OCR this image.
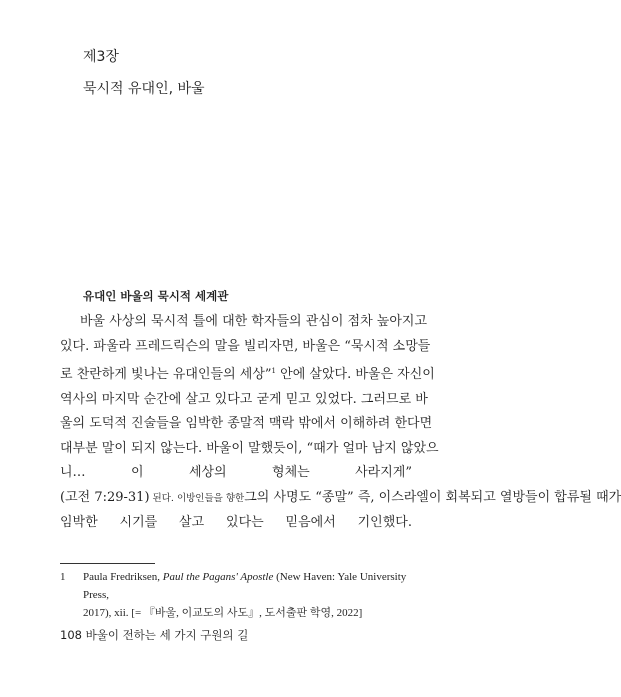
제3장
묵시적 유대인, 바울
유대인 바울의 묵시적 세계관
바울 사상의 묵시적 틀에 대한 학자들의 관심이 점차 높아지고
있다. 파울라 프레드릭슨의 말을 빌리자면, 바울은 “묵시적 소망들
로 찬란하게 빛나는 유대인들의 세상”$^1$ 안에 살았다. 바울은 자신이
역사의 마지막 순간에 살고 있다고 굳게 믿고 있었다. 그러므로 바
울의 도덕적 진술들을 임박한 종말적 맥락 밖에서 이해하려 한다면
대부분 말이 되지 않는다. 바울이 말했듯이, “때가 얼마 남지 않았으
니… 이 세상의 형체는 사라지게”
(고전 7:29-31) 된다. 이방인들을 향한그의 사명도 “종말” 즉, 이스라엘이 회복되고 열방들이 합류될 때가
임박한 시기를 살고 있다는 믿음에서 기인했다.
1 Paula Fredriksen, Paul the Pagans' Apostle (New Haven: Yale University Press,
2017), xii. [= 『바울, 이교도의 사도』, 도서출판 학영, 2022]
108 바울이 전하는 세 가지 구원의 길
